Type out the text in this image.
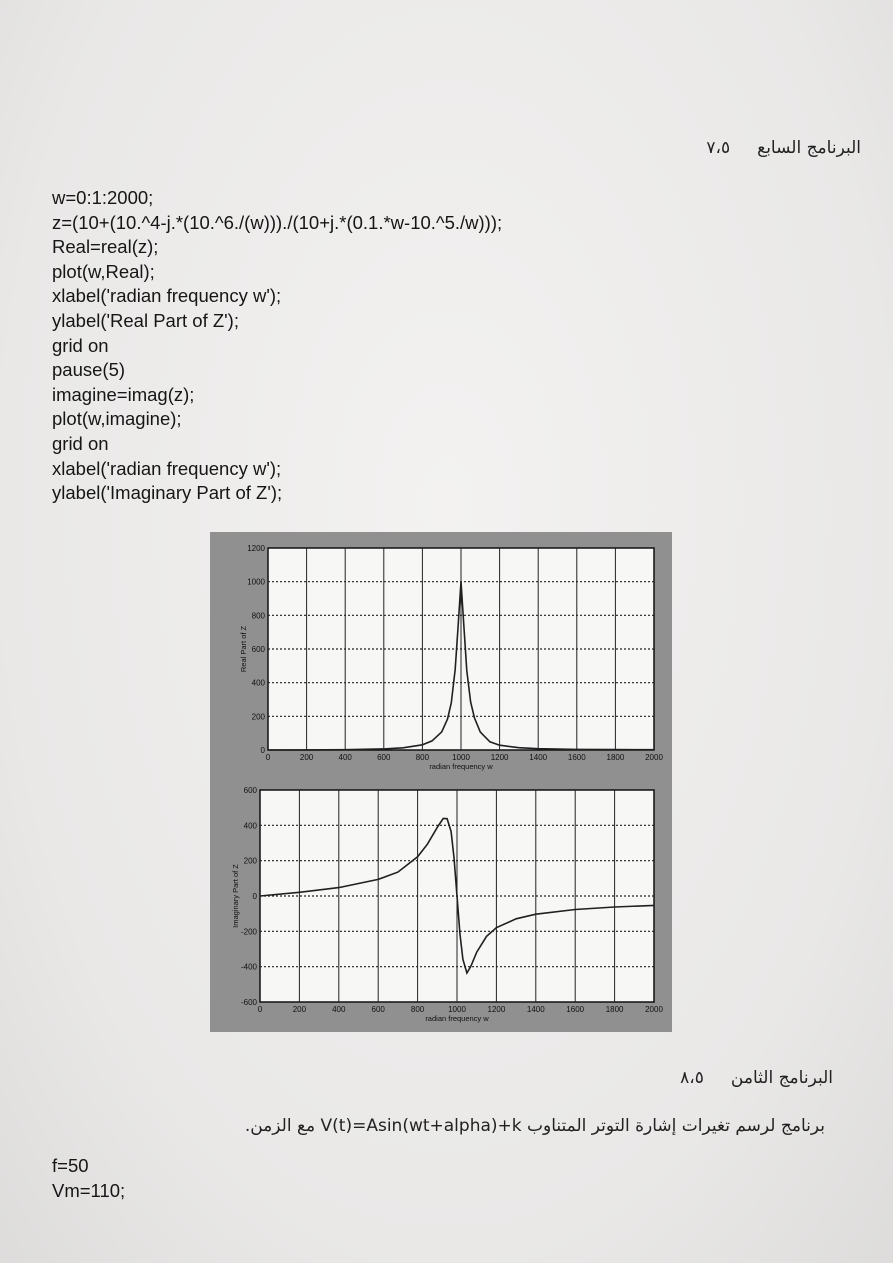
البرنامج السابع     ٧،٥
w=0:1:2000;
z=(10+(10.^4-j.*(10.^6./(w)))./(10+j.*(0.1.*w-10.^5./w)));
Real=real(z);
plot(w,Real);
xlabel('radian frequency w');
ylabel('Real Part of Z');
grid on
pause(5)
imagine=imag(z);
plot(w,imagine);
grid on
xlabel('radian frequency w');
ylabel('Imaginary Part of Z');
0	200	400	600	800	1000	1200	1400	1600	1800	2000
0
200
400
600
800
1000
1200
radian frequency w
Real Part of Z
0	200	400	600	800	1000	1200	1400	1600	1800	2000
-600
-400
-200
0
200
400
600
radian frequency w
Imaginary Part of Z
البرنامج الثامن     ٨،٥
برنامج لرسم تغيرات إشارة التوتر المتناوب V(t)=Asin(wt+alpha)+k مع الزمن.
f=50
Vm=110;
